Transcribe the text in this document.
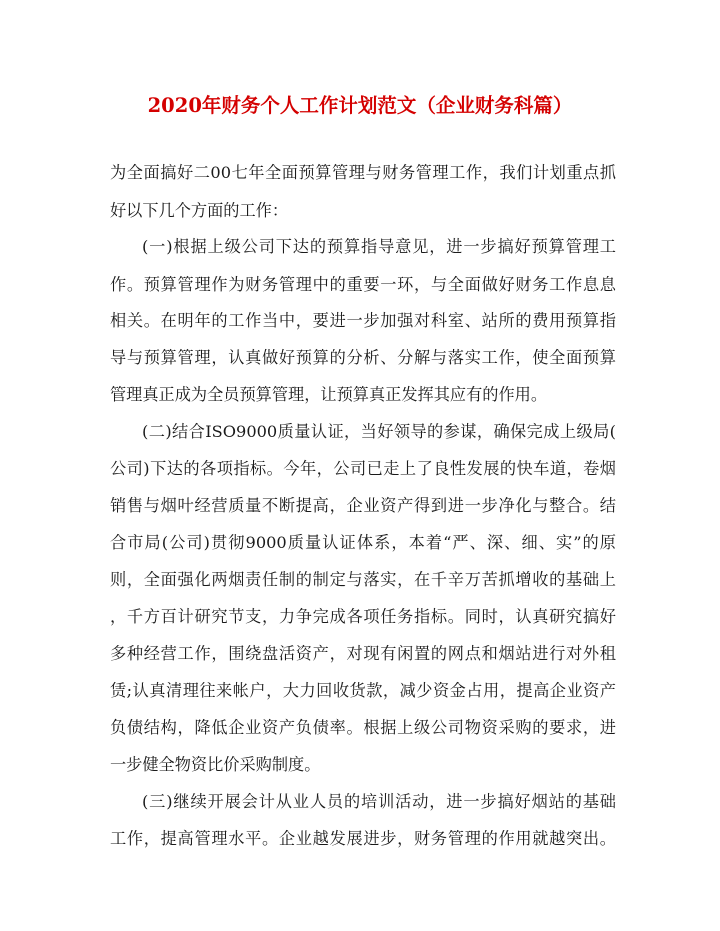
2020年财务个人工作计划范文（企业财务科篇）
为全面搞好二00七年全面预算管理与财务管理工作，我们计划重点抓
好以下几个方面的工作：
(一)根据上级公司下达的预算指导意见，进一步搞好预算管理工
作。预算管理作为财务管理中的重要一环，与全面做好财务工作息息
相关。在明年的工作当中，要进一步加强对科室、站所的费用预算指
导与预算管理，认真做好预算的分析、分解与落实工作，使全面预算
管理真正成为全员预算管理，让预算真正发挥其应有的作用。
(二)结合ISO9000质量认证，当好领导的参谋，确保完成上级局(
公司)下达的各项指标。今年，公司已走上了良性发展的快车道，卷烟
销售与烟叶经营质量不断提高，企业资产得到进一步净化与整合。结
合市局(公司)贯彻9000质量认证体系，本着“严、深、细、实”的原
则，全面强化两烟责任制的制定与落实，在千辛万苦抓增收的基础上
，千方百计研究节支，力争完成各项任务指标。同时，认真研究搞好
多种经营工作，围绕盘活资产，对现有闲置的网点和烟站进行对外租
赁;认真清理往来帐户，大力回收货款，减少资金占用，提高企业资产
负债结构，降低企业资产负债率。根据上级公司物资采购的要求，进
一步健全物资比价采购制度。
(三)继续开展会计从业人员的培训活动，进一步搞好烟站的基础
工作，提高管理水平。企业越发展进步，财务管理的作用就越突出。
